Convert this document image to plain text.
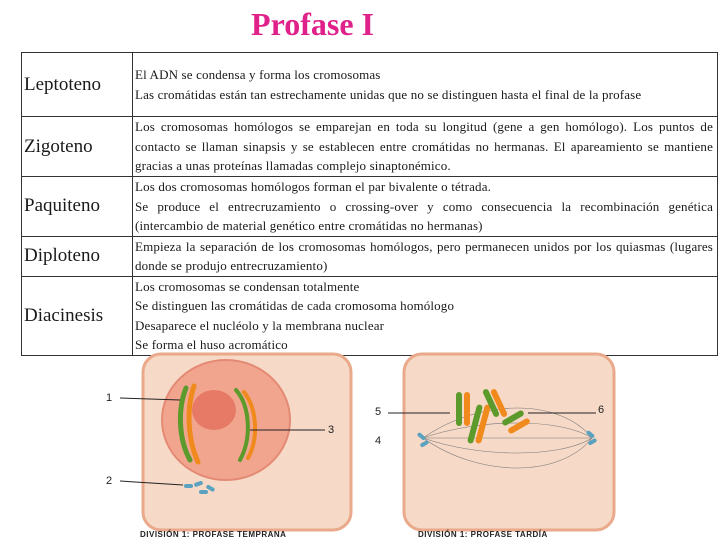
Profase I
Leptoteno	El ADN se condensa y forma los cromosomas
Las cromátidas están tan estrechamente unidas que no se distinguen hasta el final de la profase

Zigoteno	Los cromosomas homólogos se emparejan en toda su longitud (gene a gen homólogo). Los puntos de contacto se llaman sinapsis y se establecen entre cromátidas no hermanas. El apareamiento se mantiene gracias a unas proteínas llamadas complejo sinaptonémico.

Paquiteno	Los dos cromosomas homólogos forman el par bivalente o tétrada.
Se produce el entrecruzamiento o crossing-over y como consecuencia la recombinación genética (intercambio de material genético entre cromátidas no hermanas)

Diploteno	Empieza la separación de los cromosomas homólogos, pero permanecen unidos por los quiasmas (lugares donde se produjo entrecruzamiento)

Diacinesis	Los cromosomas se condensan totalmente
Se distinguen las cromátidas de cada cromosoma homólogo
Desaparece el nucléolo y la membrana nuclear
Se forma el huso acromático
1
2
3
4
5	6
DIVISIÓN 1: PROFASE TEMPRANA	DIVISIÓN 1: PROFASE TARDÍA
